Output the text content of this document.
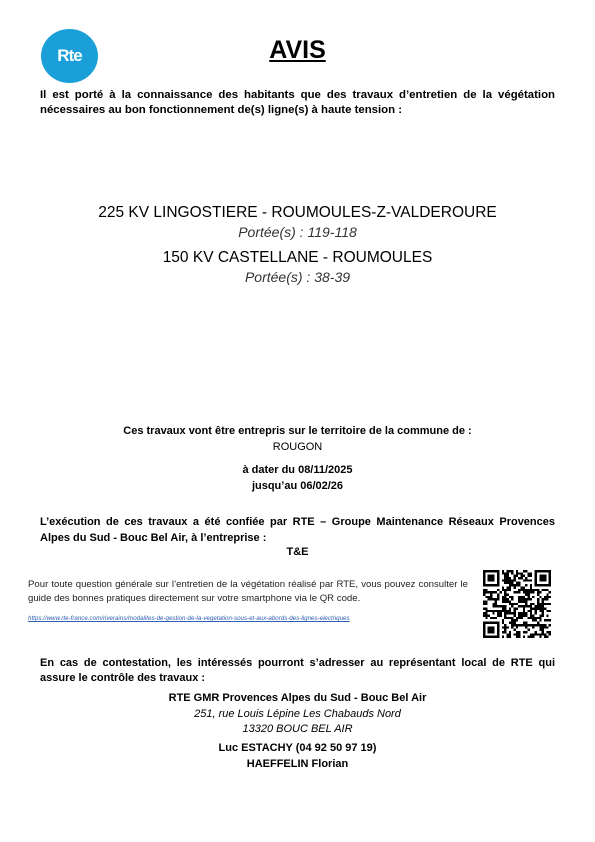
Rte	AVIS
Il est porté à la connaissance des habitants que des travaux d’entretien de la végétation nécessaires au bon fonctionnement de(s) ligne(s) à haute tension :
225 KV LINGOSTIERE - ROUMOULES-Z-VALDEROURE
Portée(s) : 119-118
150 KV CASTELLANE - ROUMOULES
Portée(s) : 38-39
Ces travaux vont être entrepris sur le territoire de la commune de :
ROUGON
à dater du 08/11/2025
jusqu’au 06/02/26
L’exécution de ces travaux a été confiée par RTE – Groupe Maintenance Réseaux Provences Alpes du Sud - Bouc Bel Air, à l’entreprise :
T&E
Pour toute question générale sur l’entretien de la végétation réalisé par RTE, vous pouvez consulter le guide des bonnes pratiques directement sur votre smartphone via le QR code.
https://www.rte-france.com/riverains/modalites-de-gestion-de-la-vegetation-sous-et-aux-abords-des-lignes-electriques
En cas de contestation, les intéressés pourront s’adresser au représentant local de RTE qui assure le contrôle des travaux :
RTE GMR Provences Alpes du Sud - Bouc Bel Air
251, rue Louis Lépine Les Chabauds Nord
13320 BOUC BEL AIR
Luc ESTACHY (04 92 50 97 19)
HAEFFELIN Florian
